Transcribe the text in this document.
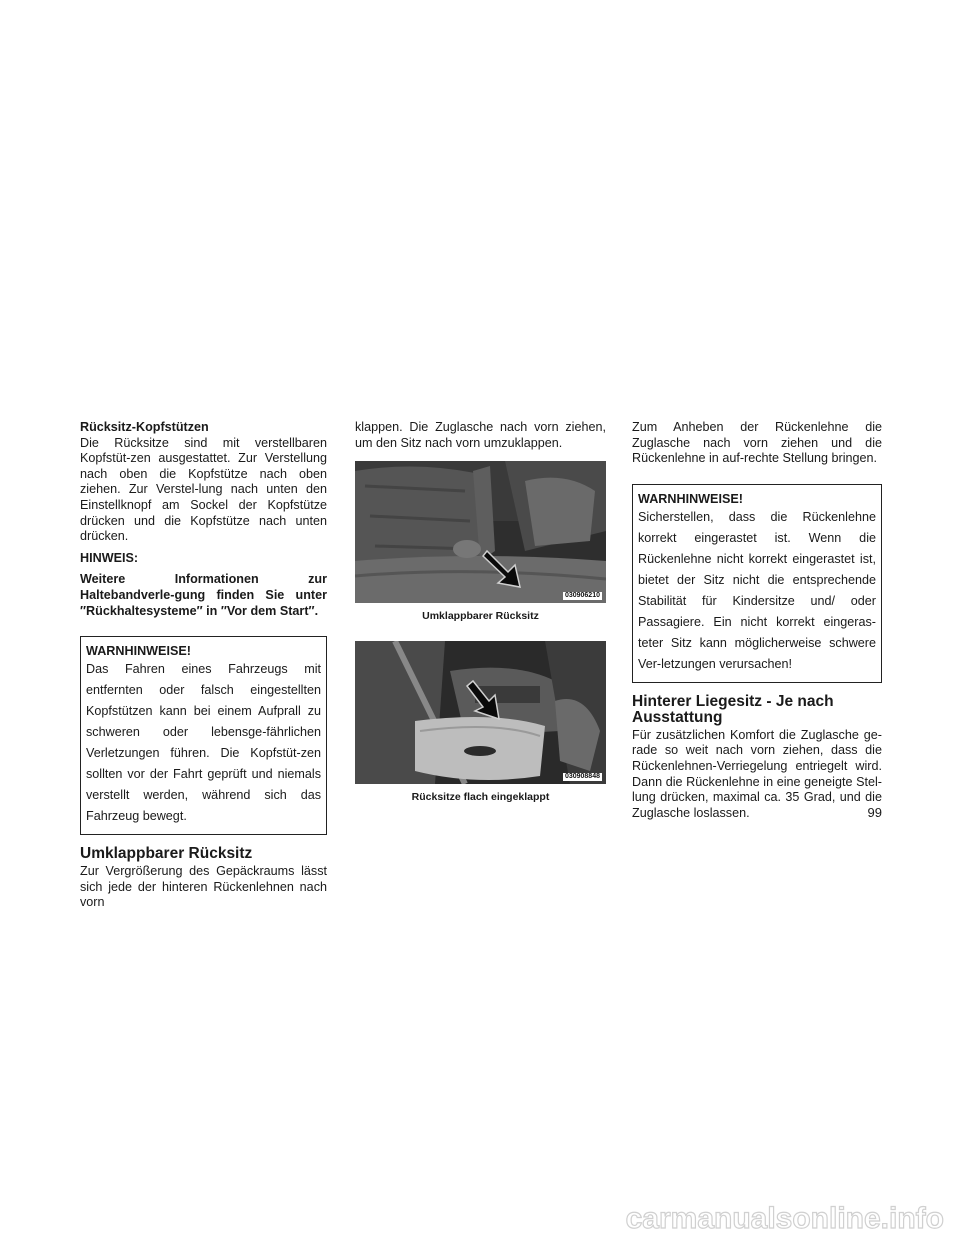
Rücksitz-Kopfstützen

Die Rücksitze sind mit verstellbaren Kopfstüt-zen ausgestattet. Zur Verstellung nach oben die Kopfstütze nach oben ziehen. Zur Verstel-lung nach unten den Einstellknopf am Sockel der Kopfstütze drücken und die Kopfstütze nach unten drücken.

HINWEIS:

Weitere Informationen zur Haltebandverle-gung finden Sie unter ″Rückhaltesysteme″ in ″Vor dem Start″.

WARNHINWEISE!
Das Fahren eines Fahrzeugs mit entfernten oder falsch eingestellten Kopfstützen kann bei einem Aufprall zu schweren oder lebensge-fährlichen Verletzungen führen. Die Kopfstüt-zen sollten vor der Fahrt geprüft und niemals verstellt werden, während sich das Fahrzeug bewegt.
Umklappbarer Rücksitz

Zur Vergrößerung des Gepäckraums lässt sich jede der hinteren Rückenlehnen nach vorn

klappen. Die Zuglasche nach vorn ziehen, um den Sitz nach vorn umzuklappen.

030906210
Umklappbarer Rücksitz
030908848
Rücksitze flach eingeklappt

Zum Anheben der Rückenlehne die Zuglasche nach vorn ziehen und die Rückenlehne in auf-rechte Stellung bringen.

WARNHINWEISE!
Sicherstellen, dass die Rückenlehne korrekt eingerastet ist. Wenn die Rückenlehne nicht korrekt eingerastet ist, bietet der Sitz nicht die entsprechende Stabilität für Kindersitze und/ oder Passagiere. Ein nicht korrekt eingeras-teter Sitz kann möglicherweise schwere Ver-letzungen verursachen!
Hinterer Liegesitz - Je nach Ausstattung

Für zusätzlichen Komfort die Zuglasche ge-rade so weit nach vorn ziehen, dass die Rückenlehnen-Verriegelung entriegelt wird. Dann die Rückenlehne in eine geneigte Stel-lung drücken, maximal ca. 35 Grad, und die Zuglasche loslassen.	99
carmanualsonline.info
